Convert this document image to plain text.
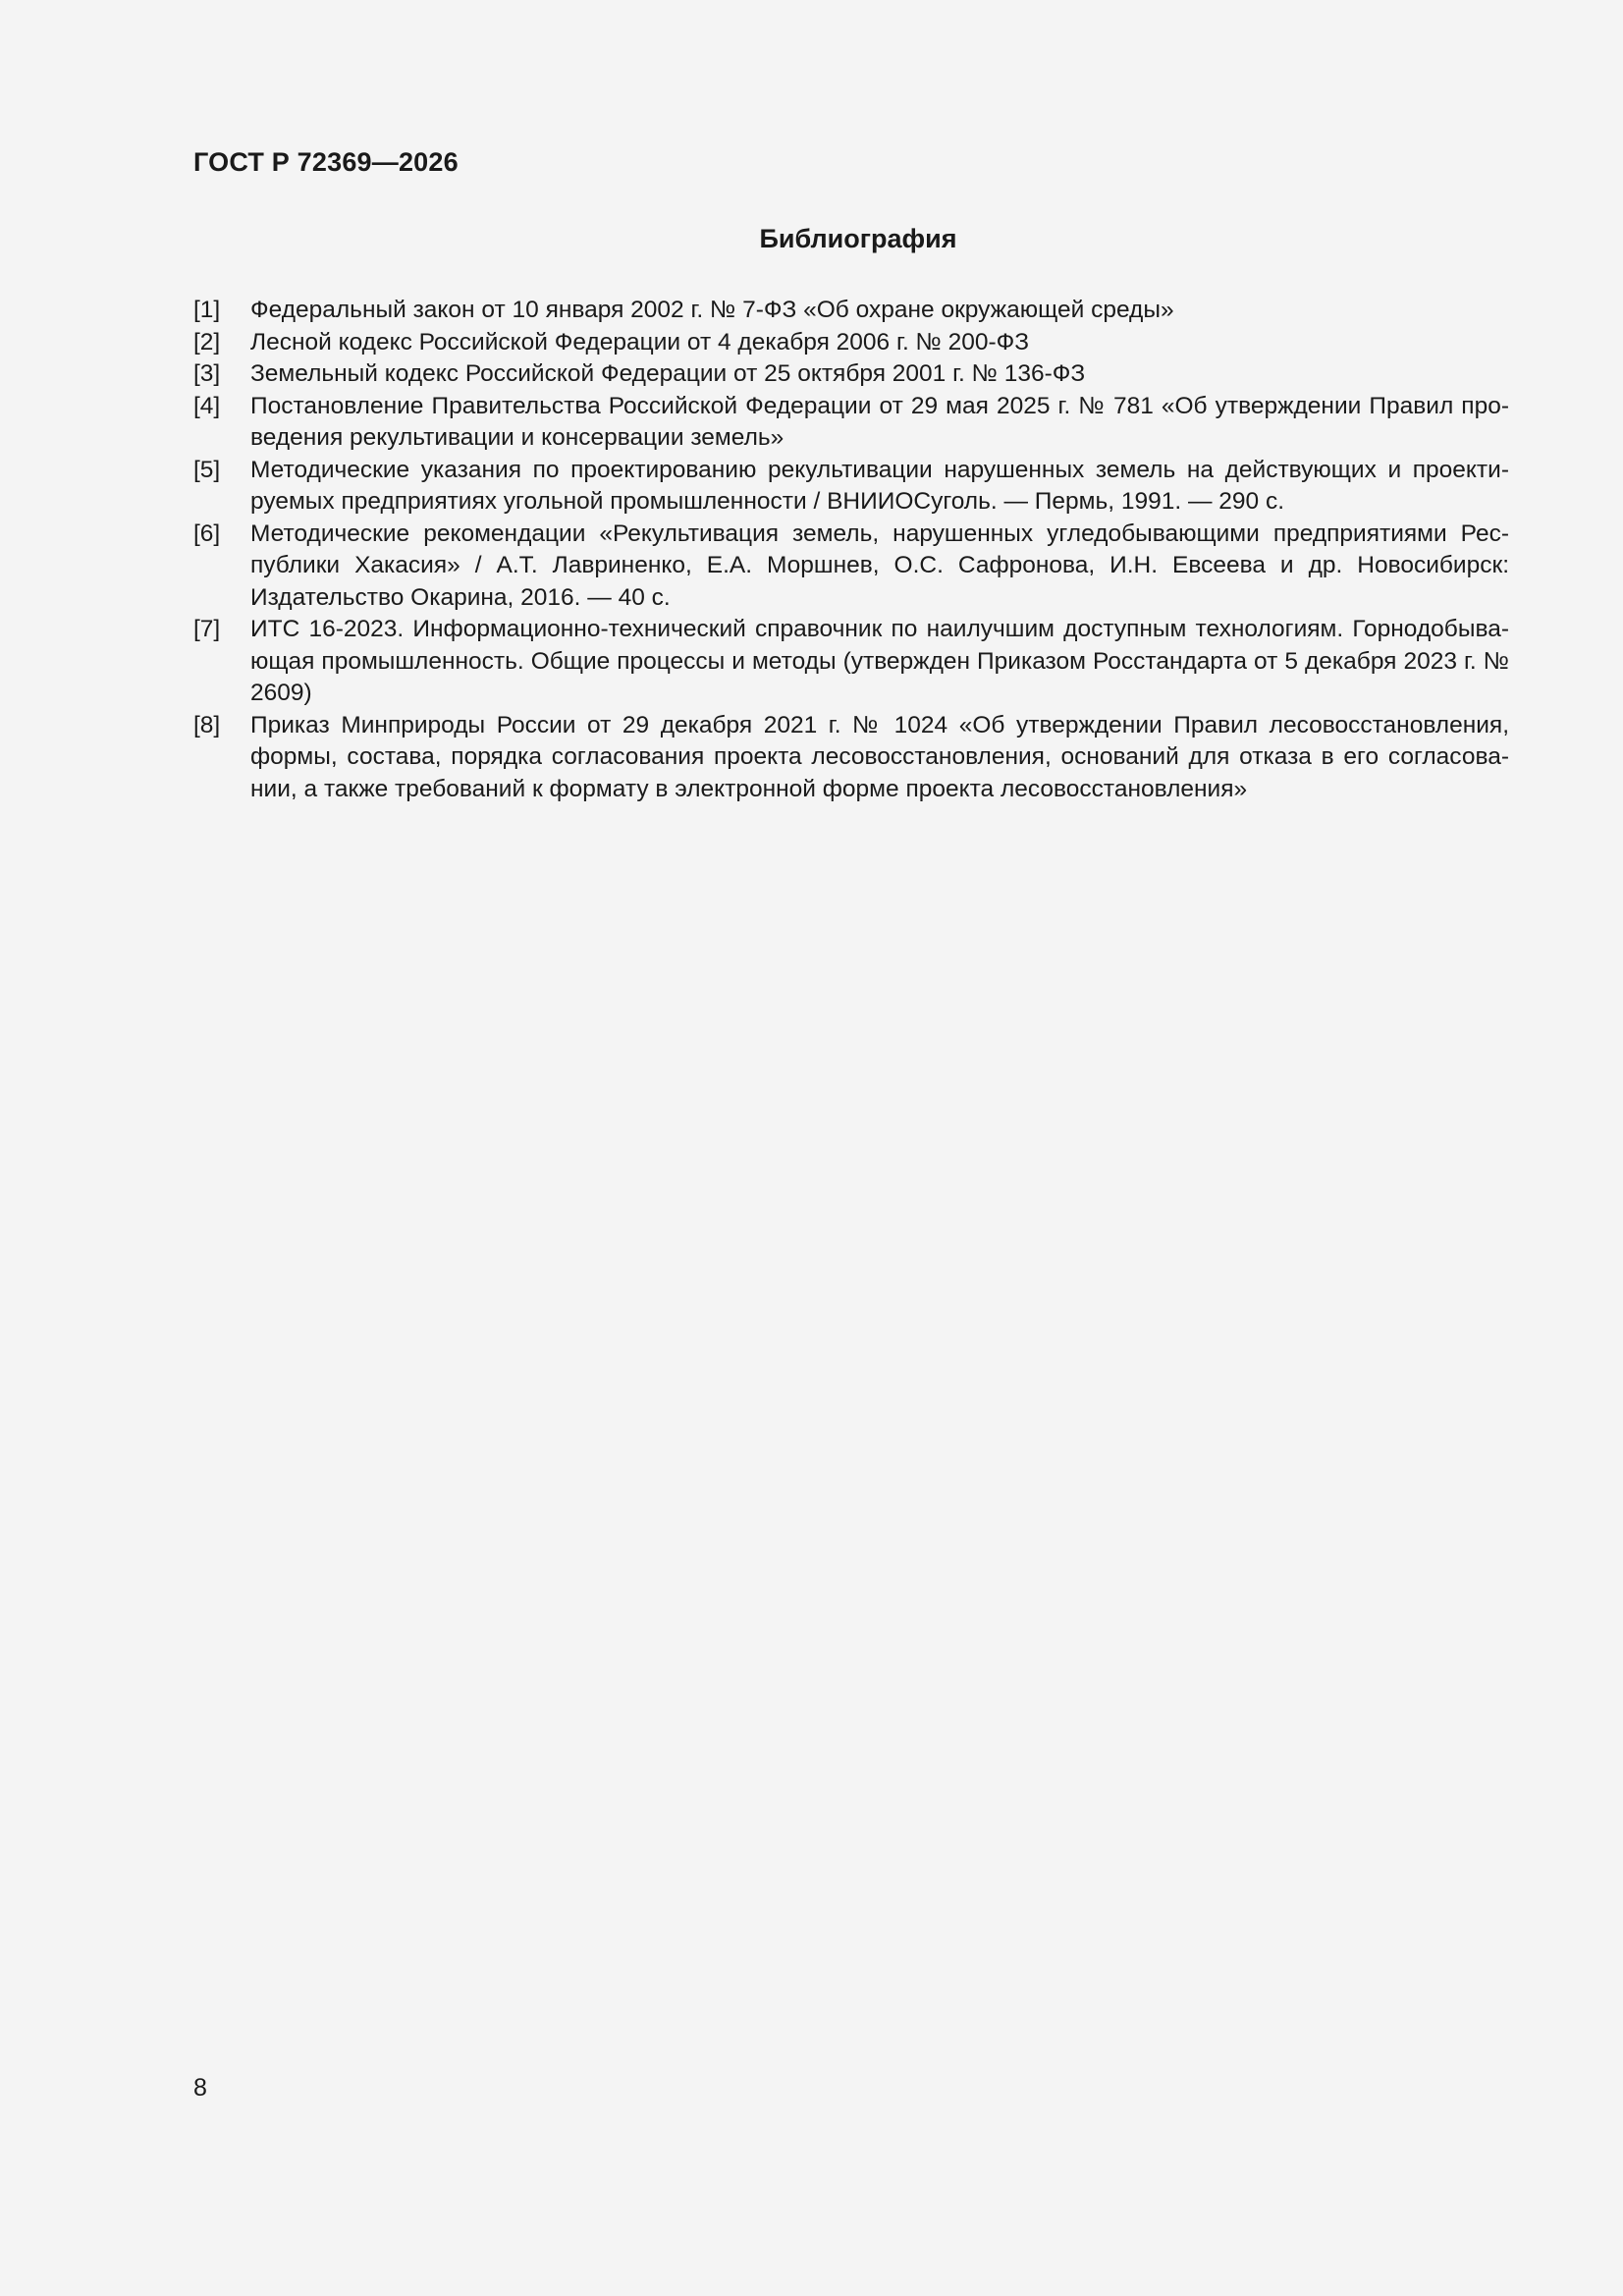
ГОСТ Р 72369—2026
Библиография
[1]	Федеральный закон от 10 января 2002 г. № 7-ФЗ «Об охране окружающей среды»
[2]	Лесной кодекс Российской Федерации от 4 декабря 2006 г. № 200-ФЗ
[3]	Земельный кодекс Российской Федерации от 25 октября 2001 г. № 136-ФЗ
[4]	Постановление Правительства Российской Федерации от 29 мая 2025 г. № 781 «Об утверждении Правил проведения рекультивации и консервации земель»
[5]	Методические указания по проектированию рекультивации нарушенных земель на действующих и проектируемых предприятиях угольной промышленности / ВНИИОСуголь. — Пермь, 1991. — 290 с.
[6]	Методические рекомендации «Рекультивация земель, нарушенных угледобывающими предприятиями Республики Хакасия» / А.Т. Лавриненко, Е.А. Моршнев, О.С. Сафронова, И.Н. Евсеева и др. Новосибирск: Издательство Окарина, 2016. — 40 с.
[7]	ИТС 16-2023. Информационно-технический справочник по наилучшим доступным технологиям. Горнодобывающая промышленность. Общие процессы и методы (утвержден Приказом Росстандарта от 5 декабря 2023 г. № 2609)
[8]	Приказ Минприроды России от 29 декабря 2021 г. № 1024 «Об утверждении Правил лесовосстановления, формы, состава, порядка согласования проекта лесовосстановления, оснований для отказа в его согласовании, а также требований к формату в электронной форме проекта лесовосстановления»
8
